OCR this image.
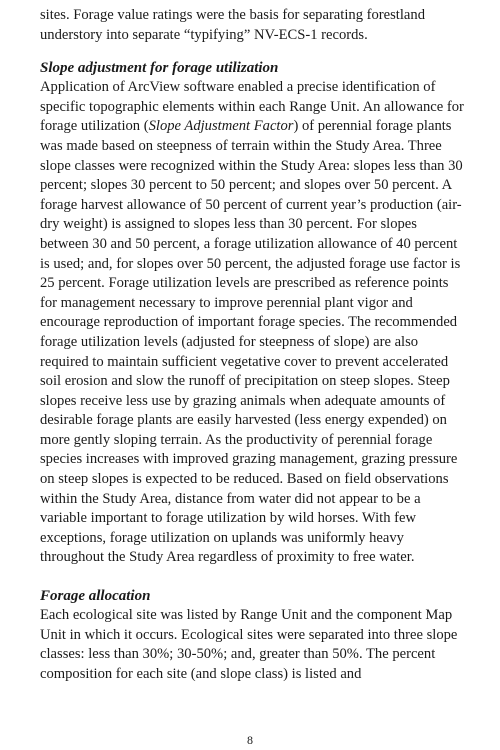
sites. Forage value ratings were the basis for separating forestland understory into separate “typifying” NV-ECS-1 records.

Slope adjustment for forage utilization

Application of ArcView software enabled a precise identification of specific topographic elements within each Range Unit. An allowance for forage utilization (Slope Adjustment Factor) of perennial forage plants was made based on steepness of terrain within the Study Area. Three slope classes were recognized within the Study Area: slopes less than 30 percent; slopes 30 percent to 50 percent; and slopes over 50 percent. A forage harvest allowance of 50 percent of current year’s production (air-dry weight) is assigned to slopes less than 30 percent. For slopes between 30 and 50 percent, a forage utilization allowance of 40 percent is used; and, for slopes over 50 percent, the adjusted forage use factor is 25 percent. Forage utilization levels are prescribed as reference points for management necessary to improve perennial plant vigor and encourage reproduction of important forage species. The recommended forage utilization levels (adjusted for steepness of slope) are also required to maintain sufficient vegetative cover to prevent accelerated soil erosion and slow the runoff of precipitation on steep slopes. Steep slopes receive less use by grazing animals when adequate amounts of desirable forage plants are easily harvested (less energy expended) on more gently sloping terrain. As the productivity of perennial forage species increases with improved grazing management, grazing pressure on steep slopes is expected to be reduced. Based on field observations within the Study Area, distance from water did not appear to be a variable important to forage utilization by wild horses. With few exceptions, forage utilization on uplands was uniformly heavy throughout the Study Area regardless of proximity to free water.

Forage allocation

Each ecological site was listed by Range Unit and the component Map Unit in which it occurs. Ecological sites were separated into three slope classes: less than 30%; 30-50%; and, greater than 50%. The percent composition for each site (and slope class) is listed and

8
